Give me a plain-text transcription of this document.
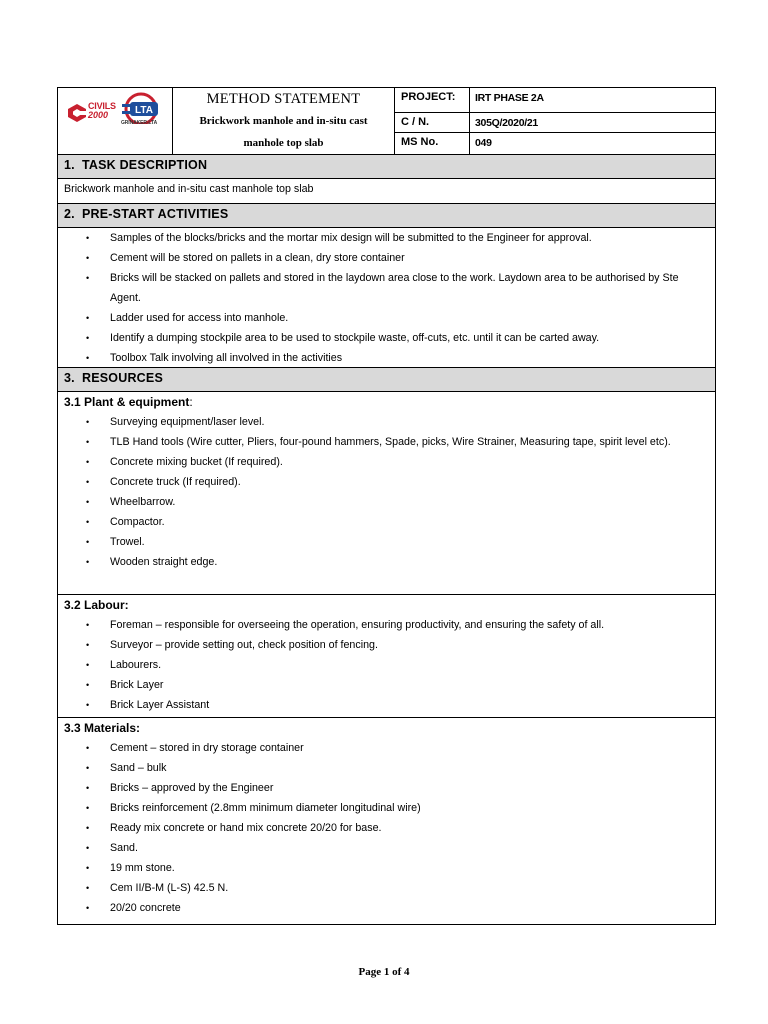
CIVILS
2000	LTA
GRINAKER-LTA
METHOD STATEMENT
Brickwork manhole and in-situ cast
manhole top slab
PROJECT:	IRT PHASE 2A
C / N.	305Q/2020/21
MS No.	049
1. TASK DESCRIPTION
Brickwork manhole and in-situ cast manhole top slab
2. PRE-START ACTIVITIES
• Samples of the blocks/bricks and the mortar mix design will be submitted to the Engineer for approval.
• Cement will be stored on pallets in a clean, dry store container
• Bricks will be stacked on pallets and stored in the laydown area close to the work. Laydown area to be authorised by Ste Agent.
• Ladder used for access into manhole.
• Identify a dumping stockpile area to be used to stockpile waste, off-cuts, etc. until it can be carted away.
• Toolbox Talk involving all involved in the activities
3. RESOURCES
3.1 Plant & equipment:
• Surveying equipment/laser level.
• TLB Hand tools (Wire cutter, Pliers, four-pound hammers, Spade, picks, Wire Strainer, Measuring tape, spirit level etc).
• Concrete mixing bucket (If required).
• Concrete truck (If required).
• Wheelbarrow.
• Compactor.
• Trowel.
• Wooden straight edge.
3.2 Labour:
• Foreman – responsible for overseeing the operation, ensuring productivity, and ensuring the safety of all.
• Surveyor – provide setting out, check position of fencing.
• Labourers.
• Brick Layer
• Brick Layer Assistant
3.3 Materials:
• Cement – stored in dry storage container
• Sand – bulk
• Bricks – approved by the Engineer
• Bricks reinforcement (2.8mm minimum diameter longitudinal wire)
• Ready mix concrete or hand mix concrete 20/20 for base.
• Sand.
• 19 mm stone.
• Cem II/B-M (L-S) 42.5 N.
• 20/20 concrete
Page 1 of 4
